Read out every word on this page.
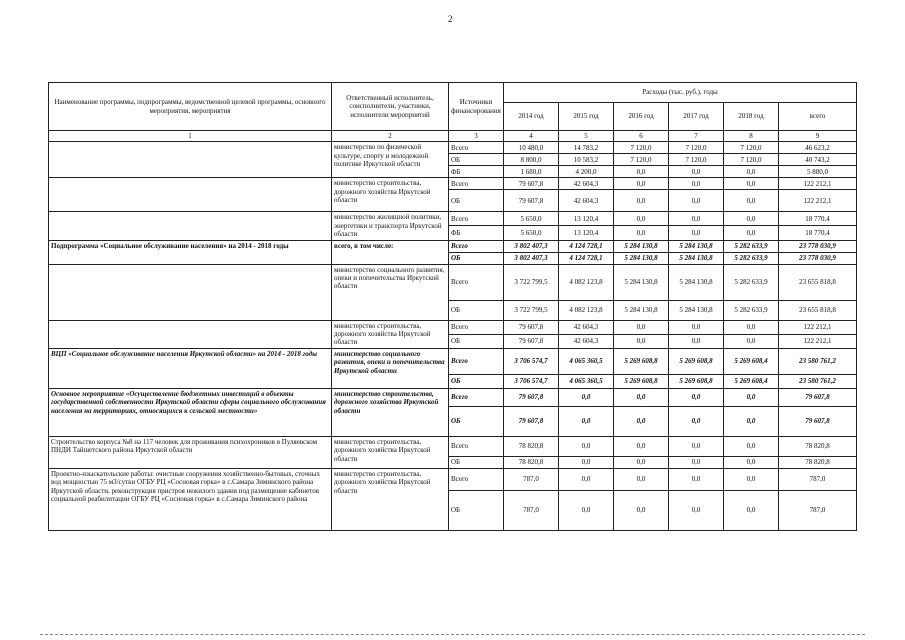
2
Наименование программы, подпрограммы, ведомственной целевой программы, основного мероприятия, мероприятия	Ответственный исполнитель, соисполнители, участники, исполнители мероприятий	Источники финансирования	Расходы (тыс. руб.), годы					
			2014 год	2015 год	2016 год	2017 год	2018 год	всего
1	2	3	4	5	6	7	8	9
	министерство по физической культуре, спорту и молодежной политике Иркутской области	Всего	10 480,0	14 783,2	7 120,0	7 120,0	7 120,0	46 623,2
		ОБ	8 800,0	10 583,2	7 120,0	7 120,0	7 120,0	40 743,2
		ФБ	1 680,0	4 200,0	0,0	0,0	0,0	5 880,0
	министерство строительства, дорожного хозяйства Иркутской области	Всего	79 607,8	42 604,3	0,0	0,0	0,0	122 212,1
		ОБ	79 607,8	42 604,3	0,0	0,0	0,0	122 212,1
	министерство жилищной политики, энергетики и транспорта Иркутской области	Всего	5 650,0	13 120,4	0,0	0,0	0,0	18 770,4
		ФБ	5 650,0	13 120,4	0,0	0,0	0,0	18 770,4
Подпрограмма «Социальное обслуживание населения» на 2014 - 2018 годы	всего, в том числе:	Всего	3 802 407,3	4 124 728,1	5 284 130,8	5 284 130,8	5 282 633,9	23 778 030,9
		ОБ	3 802 407,3	4 124 728,1	5 284 130,8	5 284 130,8	5 282 633,9	23 778 030,9
	министерство социального развития, опеки и попечительства Иркутской области	Всего	3 722 799,5	4 082 123,8	5 284 130,8	5 284 130,8	5 282 633,9	23 655 818,8
		ОБ	3 722 799,5	4 082 123,8	5 284 130,8	5 284 130,8	5 282 633,9	23 655 818,8
	министерство строительства, дорожного хозяйства Иркутской области	Всего	79 607,8	42 604,3	0,0	0,0	0,0	122 212,1
		ОБ	79 607,8	42 604,3	0,0	0,0	0,0	122 212,1
ВЦП «Социальное обслуживание населения Иркутской области» на 2014 - 2018 годы	министерство социального развития, опеки и попечительства Иркутской области	Всего	3 706 574,7	4 065 360,5	5 269 608,8	5 269 608,8	5 269 608,4	23 580 761,2
		ОБ	3 706 574,7	4 065 360,5	5 269 608,8	5 269 608,8	5 269 608,4	23 580 761,2
Основное мероприятие «Осуществление бюджетных инвестиций в объекты государственной собственности Иркутской области сферы социального обслуживания населения на территориях, относящихся к сельской местности»	министерство строительства, дорожного хозяйства Иркутской области	Всего	79 607,8	0,0	0,0	0,0	0,0	79 607,8
		ОБ	79 607,8	0,0	0,0	0,0	0,0	79 607,8
Строительство корпуса №8 на 117 человек для проживания психохроников в Пуляевском ПНДИ Тайшетского района Иркутской области	министерство строительства, дорожного хозяйства Иркутской области	Всего	78 820,8	0,0	0,0	0,0	0,0	78 820,8
		ОБ	78 820,8	0,0	0,0	0,0	0,0	78 820,8
Проектно-изыскательские работы: очистные сооружения хозяйственно-бытовых, сточных вод мощностью 75 м3/сутки ОГБУ РЦ «Сосновая горка» в с.Самара Зиминского района Иркутской области, реконструкция пристроя нежилого здания под размещение кабинетов социальной реабилитации ОГБУ РЦ «Сосновая горка» в с.Самара Зиминского района	министерство строительства, дорожного хозяйства Иркутской области	Всего	787,0	0,0	0,0	0,0	0,0	787,0
		ОБ	787,0	0,0	0,0	0,0	0,0	787,0
